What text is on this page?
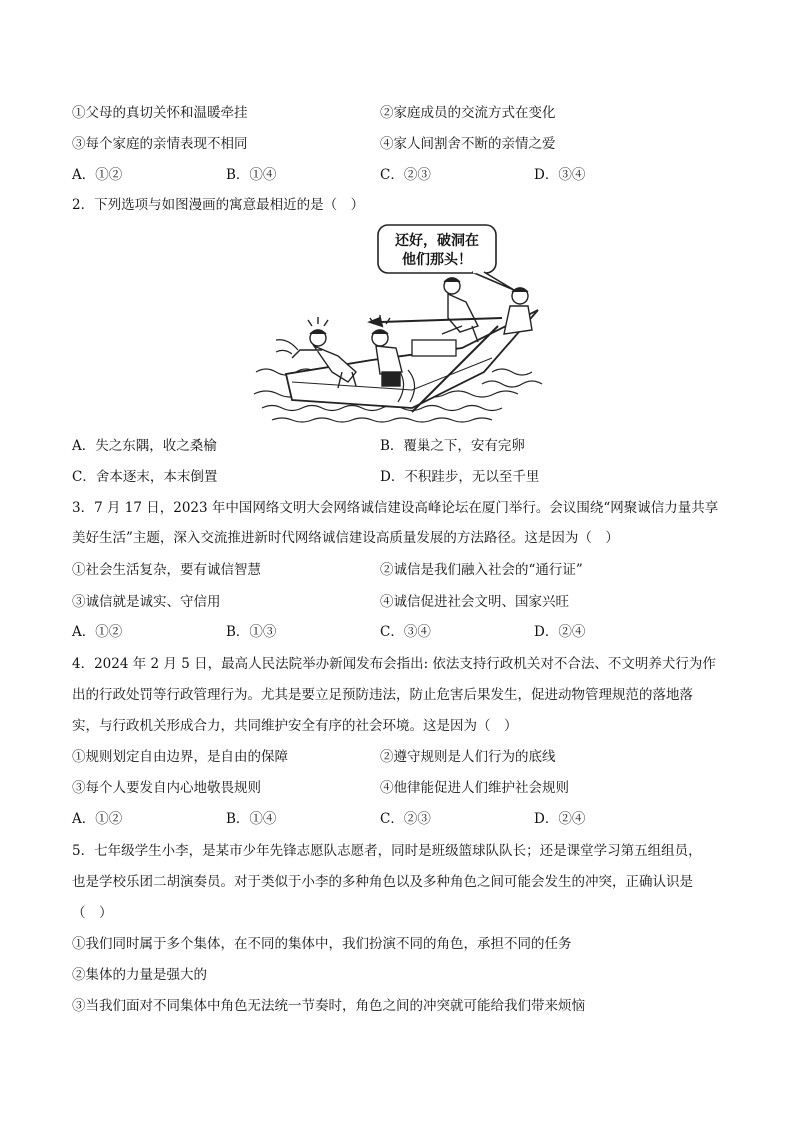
①父母的真切关怀和温暖牵挂	②家庭成员的交流方式在变化
③每个家庭的亲情表现不相同	④家人间割舍不断的亲情之爱
A．①②	B．①④	C．②③	D．③④
2．下列选项与如图漫画的寓意最相近的是（　）
还好，破洞在
他们那头！
A．失之东隅，收之桑榆	B．覆巢之下，安有完卵
C．舍本逐末，本末倒置	D．不积跬步，无以至千里
3．7 月 17 日，2023 年中国网络文明大会网络诚信建设高峰论坛在厦门举行。会议围绕“网聚诚信力量共享
美好生活”主题，深入交流推进新时代网络诚信建设高质量发展的方法路径。这是因为（　）
①社会生活复杂，要有诚信智慧	②诚信是我们融入社会的“通行证”
③诚信就是诚实、守信用	④诚信促进社会文明、国家兴旺
A．①②	B．①③	C．③④	D．②④
4．2024 年 2 月 5 日，最高人民法院举办新闻发布会指出: 依法支持行政机关对不合法、不文明养犬行为作
出的行政处罚等行政管理行为。尤其是要立足预防违法，防止危害后果发生，促进动物管理规范的落地落
实，与行政机关形成合力，共同维护安全有序的社会环境。这是因为（　）
①规则划定自由边界，是自由的保障	②遵守规则是人们行为的底线
③每个人要发自内心地敬畏规则	④他律能促进人们维护社会规则
A．①②	B．①④	C．②③	D．②④
5．七年级学生小李，是某市少年先锋志愿队志愿者，同时是班级篮球队队长；还是课堂学习第五组组员，
也是学校乐团二胡演奏员。对于类似于小李的多种角色以及多种角色之间可能会发生的冲突，正确认识是
（　）
①我们同时属于多个集体，在不同的集体中，我们扮演不同的角色，承担不同的任务
②集体的力量是强大的
③当我们面对不同集体中角色无法统一节奏时，角色之间的冲突就可能给我们带来烦恼
